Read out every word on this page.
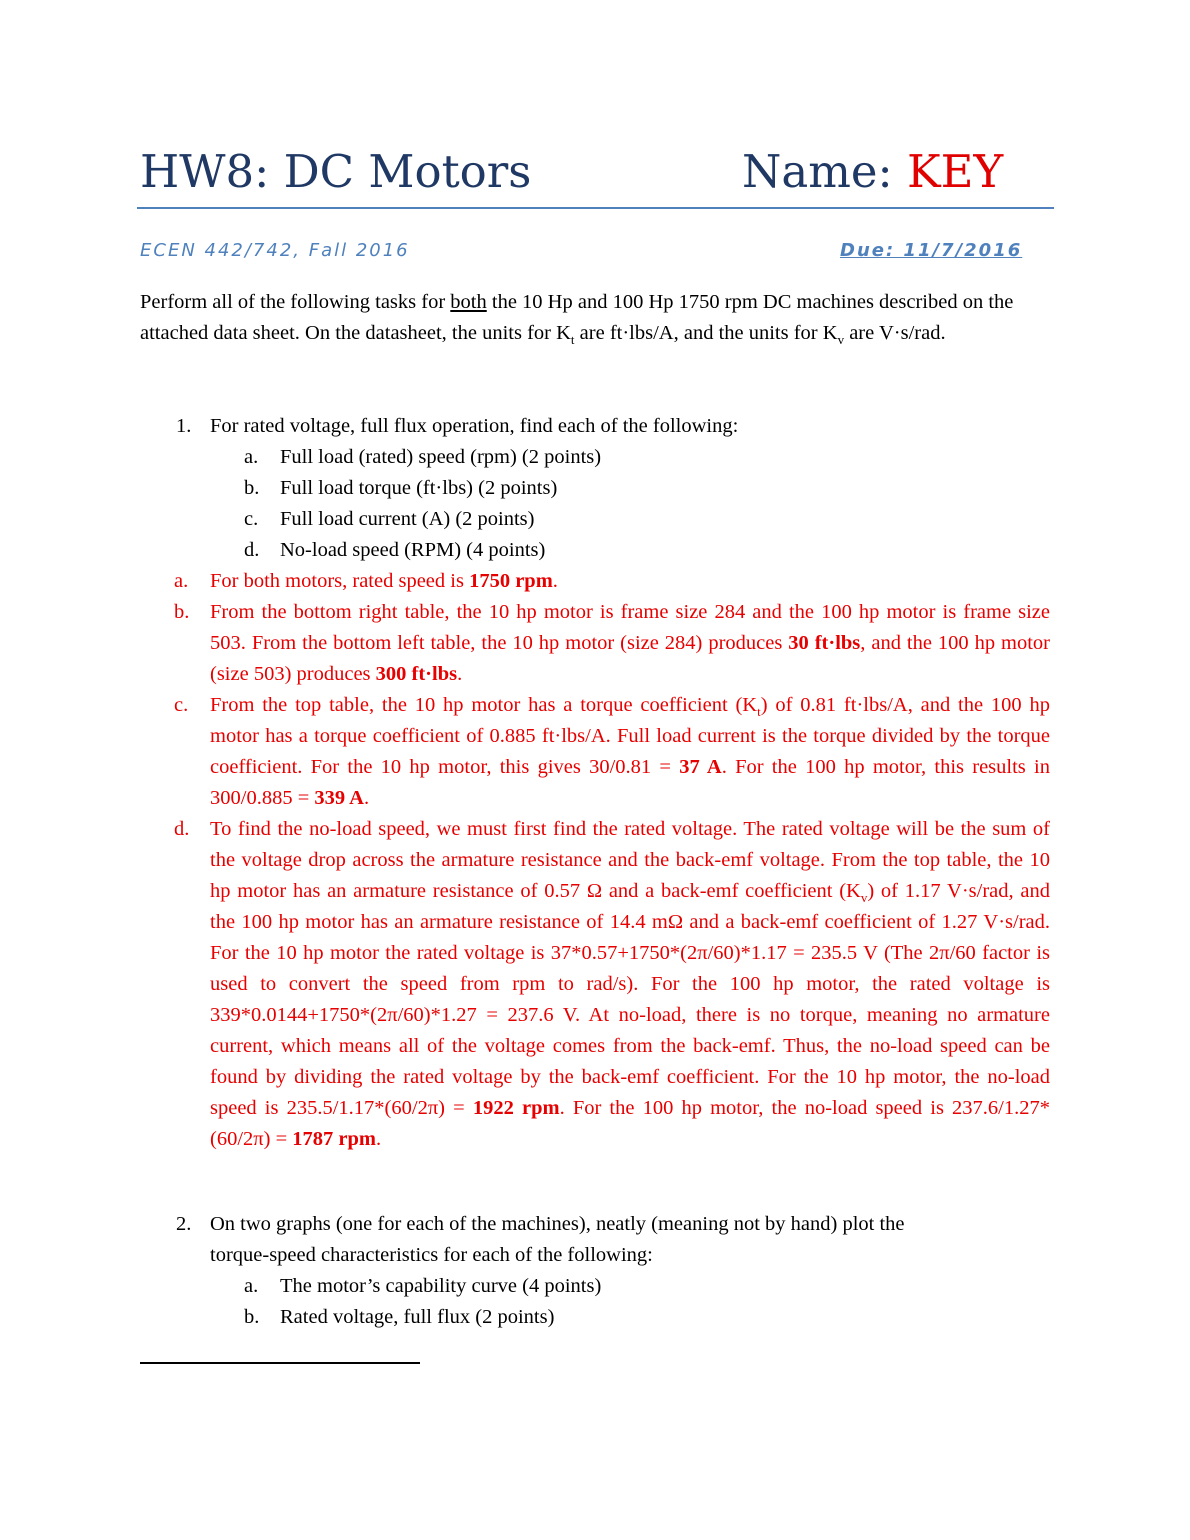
HW8: DC Motors	Name: KEY
ECEN 442/742, Fall 2016	Due: 11/7/2016
Perform all of the following tasks for both the 10 Hp and 100 Hp 1750 rpm DC machines described on the attached data sheet. On the datasheet, the units for $K_t$ are ft·lbs/A, and the units for $K_v$ are V·s/rad.
1. For rated voltage, full flux operation, find each of the following:
a. Full load (rated) speed (rpm) (2 points)
b. Full load torque (ft·lbs) (2 points)
c. Full load current (A) (2 points)
d. No-load speed (RPM) (4 points)
a. For both motors, rated speed is 1750 rpm.
b. From the bottom right table, the 10 hp motor is frame size 284 and the 100 hp motor is frame size 503. From the bottom left table, the 10 hp motor (size 284) produces 30 ft·lbs, and the 100 hp motor (size 503) produces 300 ft·lbs.
c. From the top table, the 10 hp motor has a torque coefficient $(K_t)$ of 0.81 ft·lbs/A, and the 100 hp motor has a torque coefficient of 0.885 ft·lbs/A. Full load current is the torque divided by the torque coefficient. For the 10 hp motor, this gives 30/0.81 = 37 A. For the 100 hp motor, this results in 300/0.885 = 339 A.
d. To find the no-load speed, we must first find the rated voltage. The rated voltage will be the sum of the voltage drop across the armature resistance and the back-emf voltage. From the top table, the 10 hp motor has an armature resistance of 0.57 Ω and a back-emf coefficient $(K_v)$ of 1.17 V·s/rad, and the 100 hp motor has an armature resistance of 14.4 mΩ and a back-emf coefficient of 1.27 V·s/rad. For the 10 hp motor the rated voltage is 37*0.57+1750*(2π/60)*1.17 = 235.5 V (The 2π/60 factor is used to convert the speed from rpm to rad/s). For the 100 hp motor, the rated voltage is 339*0.0144+1750*(2π/60)*1.27 = 237.6 V. At no-load, there is no torque, meaning no armature current, which means all of the voltage comes from the back-emf. Thus, the no-load speed can be found by dividing the rated voltage by the back-emf coefficient. For the 10 hp motor, the no-load speed is 235.5/1.17*(60/2π) = 1922 rpm. For the 100 hp motor, the no-load speed is 237.6/1.27*(60/2π) = 1787 rpm.
2. On two graphs (one for each of the machines), neatly (meaning not by hand) plot the
torque-speed characteristics for each of the following:
a. The motor’s capability curve (4 points)
b. Rated voltage, full flux (2 points)
